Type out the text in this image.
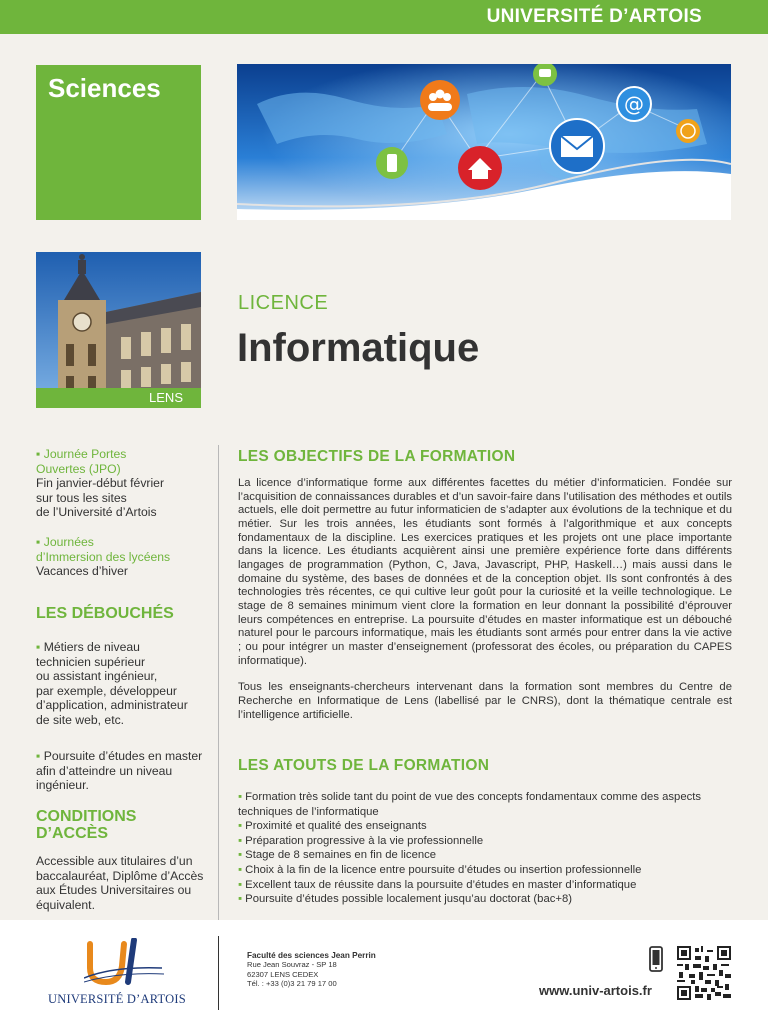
UNIVERSITÉ D’ARTOIS
Sciences
@
LENS
LICENCE
Informatique
▪ Journée Portes
Ouvertes (JPO)
Fin janvier-début février
sur tous les sites
de l’Université d’Artois
▪ Journées
d’Immersion des lycéens
Vacances d’hiver
LES DÉBOUCHÉS
▪ Métiers de niveau
technicien supérieur
ou assistant ingénieur,
par exemple, développeur
d’application, administrateur
de site web, etc.
▪ Poursuite d’études en master
afin d’atteindre un niveau
ingénieur.
CONDITIONS
D’ACCÈS
Accessible aux titulaires d’un
baccalauréat, Diplôme d’Accès
aux Études Universitaires ou
équivalent.
LES OBJECTIFS DE LA FORMATION

La licence d’informatique forme aux différentes facettes du métier d’informaticien. Fondée sur l’acquisition de connaissances durables et d’un savoir-faire dans l’utilisation des méthodes et outils actuels, elle doit permettre au futur informaticien de s’adapter aux évolutions de la technique et du métier. Sur les trois années, les étudiants sont formés à l’algorithmique et aux concepts fondamentaux de la discipline. Les exercices pratiques et les projets ont une place importante dans la licence. Les étudiants acquièrent ainsi une première expérience forte dans différents langages de programmation (Python, C, Java, Javascript, PHP, Haskell…) mais aussi dans le domaine du système, des bases de données et de la conception objet. Ils sont confrontés à des technologies très récentes, ce qui cultive leur goût pour la curiosité et la veille technologique. Le stage de 8 semaines minimum vient clore la formation en leur donnant la possibilité d’éprouver leurs compétences en entreprise. La poursuite d’études en master informatique est un débouché naturel pour le parcours informatique, mais les étudiants sont armés pour entrer dans la vie active ; ou pour intégrer un master d’enseignement (professorat des écoles, ou préparation du CAPES informatique).

Tous les enseignants-chercheurs intervenant dans la formation sont membres du Centre de Recherche en Informatique de Lens (labellisé par le CNRS), dont la thématique centrale est l’intelligence artificielle.

LES ATOUTS DE LA FORMATION
▪ Formation très solide tant du point de vue des concepts fondamentaux comme des aspects techniques de l’informatique
▪ Proximité et qualité des enseignants
▪ Préparation progressive à la vie professionnelle
▪ Stage de 8 semaines en fin de licence
▪ Choix à la fin de la licence entre poursuite d’études ou insertion professionnelle
▪ Excellent taux de réussite dans la poursuite d’études en master d’informatique
▪ Poursuite d’études possible localement jusqu’au doctorat (bac+8)
UNIVERSITÉ D’ARTOIS
Faculté des sciences Jean Perrin
Rue Jean Souvraz - SP 18
62307 LENS CEDEX
Tél. : +33 (0)3 21 79 17 00	www.univ-artois.fr
